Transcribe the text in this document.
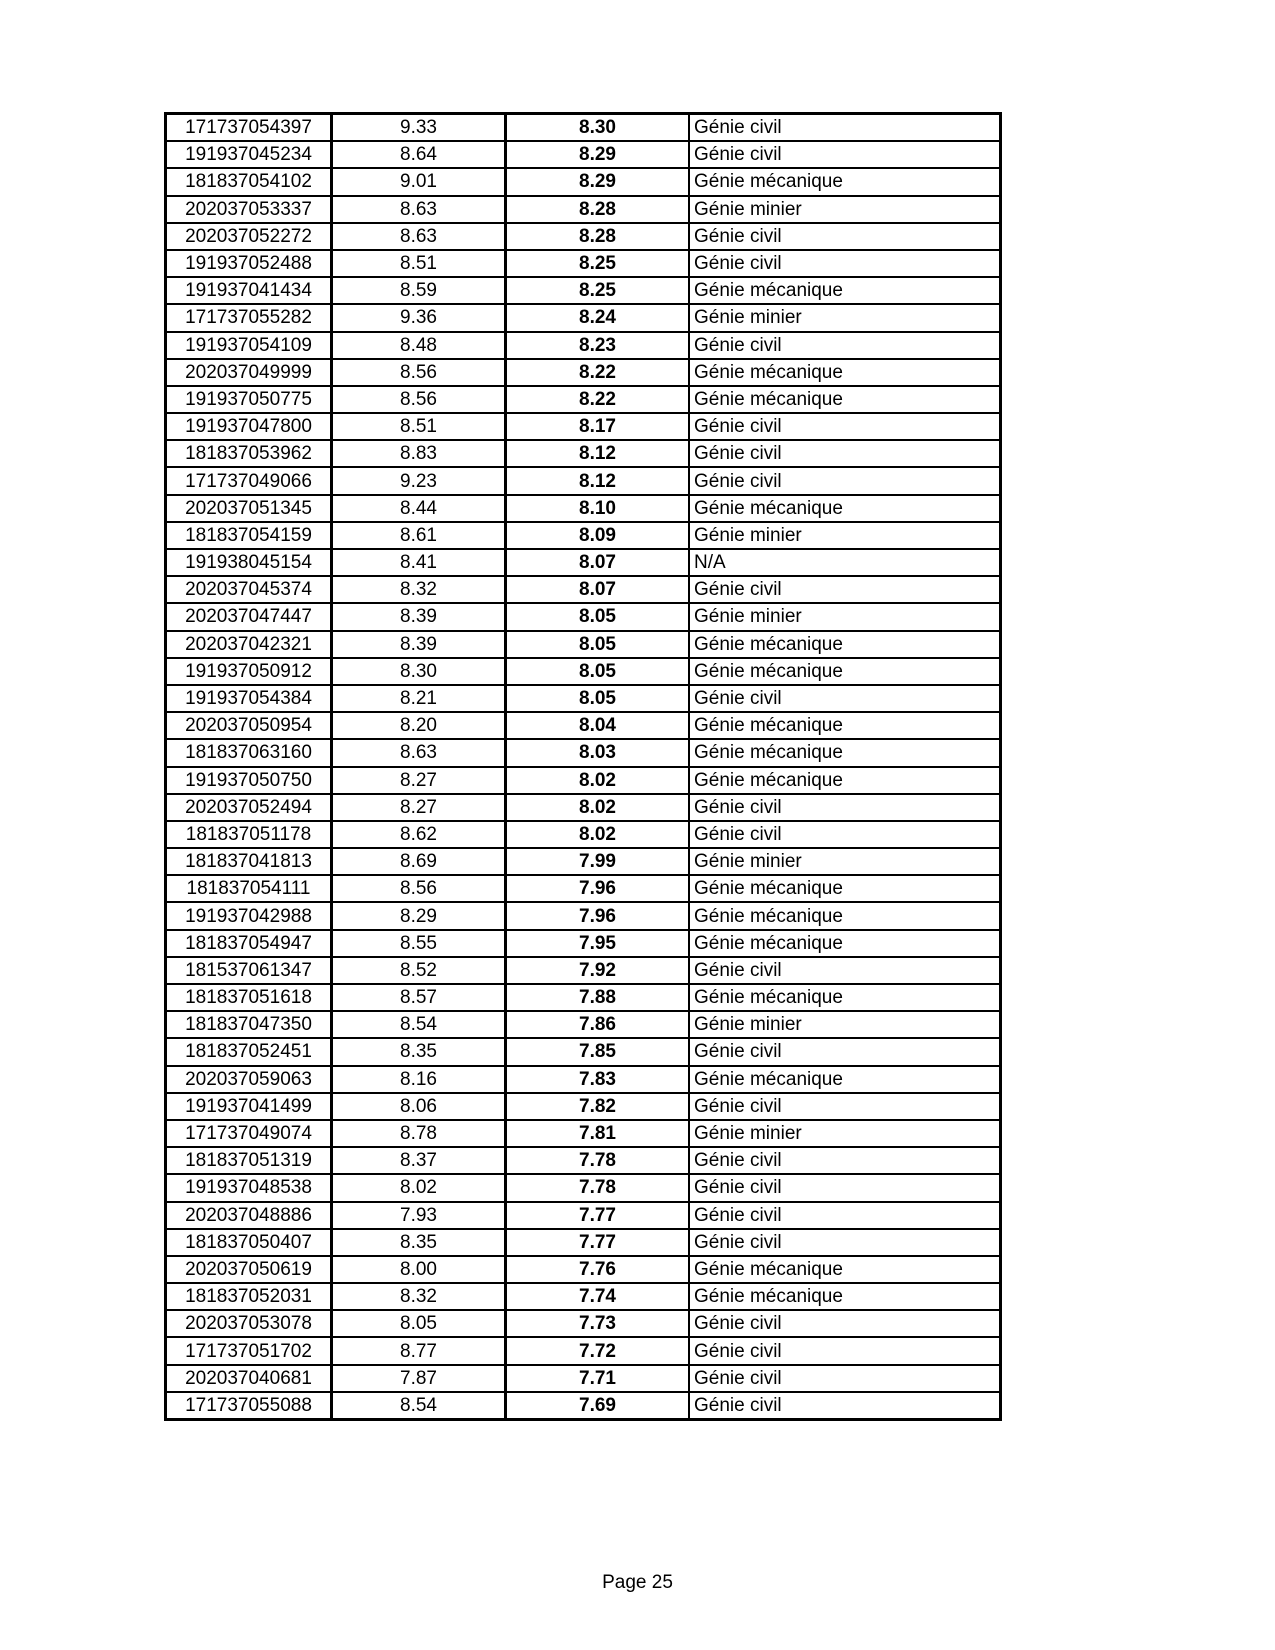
171737054397	9.33	8.30	Génie civil
191937045234	8.64	8.29	Génie civil
181837054102	9.01	8.29	Génie mécanique
202037053337	8.63	8.28	Génie minier
202037052272	8.63	8.28	Génie civil
191937052488	8.51	8.25	Génie civil
191937041434	8.59	8.25	Génie mécanique
171737055282	9.36	8.24	Génie minier
191937054109	8.48	8.23	Génie civil
202037049999	8.56	8.22	Génie mécanique
191937050775	8.56	8.22	Génie mécanique
191937047800	8.51	8.17	Génie civil
181837053962	8.83	8.12	Génie civil
171737049066	9.23	8.12	Génie civil
202037051345	8.44	8.10	Génie mécanique
181837054159	8.61	8.09	Génie minier
191938045154	8.41	8.07	N/A
202037045374	8.32	8.07	Génie civil
202037047447	8.39	8.05	Génie minier
202037042321	8.39	8.05	Génie mécanique
191937050912	8.30	8.05	Génie mécanique
191937054384	8.21	8.05	Génie civil
202037050954	8.20	8.04	Génie mécanique
181837063160	8.63	8.03	Génie mécanique
191937050750	8.27	8.02	Génie mécanique
202037052494	8.27	8.02	Génie civil
181837051178	8.62	8.02	Génie civil
181837041813	8.69	7.99	Génie minier
181837054111	8.56	7.96	Génie mécanique
191937042988	8.29	7.96	Génie mécanique
181837054947	8.55	7.95	Génie mécanique
181537061347	8.52	7.92	Génie civil
181837051618	8.57	7.88	Génie mécanique
181837047350	8.54	7.86	Génie minier
181837052451	8.35	7.85	Génie civil
202037059063	8.16	7.83	Génie mécanique
191937041499	8.06	7.82	Génie civil
171737049074	8.78	7.81	Génie minier
181837051319	8.37	7.78	Génie civil
191937048538	8.02	7.78	Génie civil
202037048886	7.93	7.77	Génie civil
181837050407	8.35	7.77	Génie civil
202037050619	8.00	7.76	Génie mécanique
181837052031	8.32	7.74	Génie mécanique
202037053078	8.05	7.73	Génie civil
171737051702	8.77	7.72	Génie civil
202037040681	7.87	7.71	Génie civil
171737055088	8.54	7.69	Génie civil
Page 25
